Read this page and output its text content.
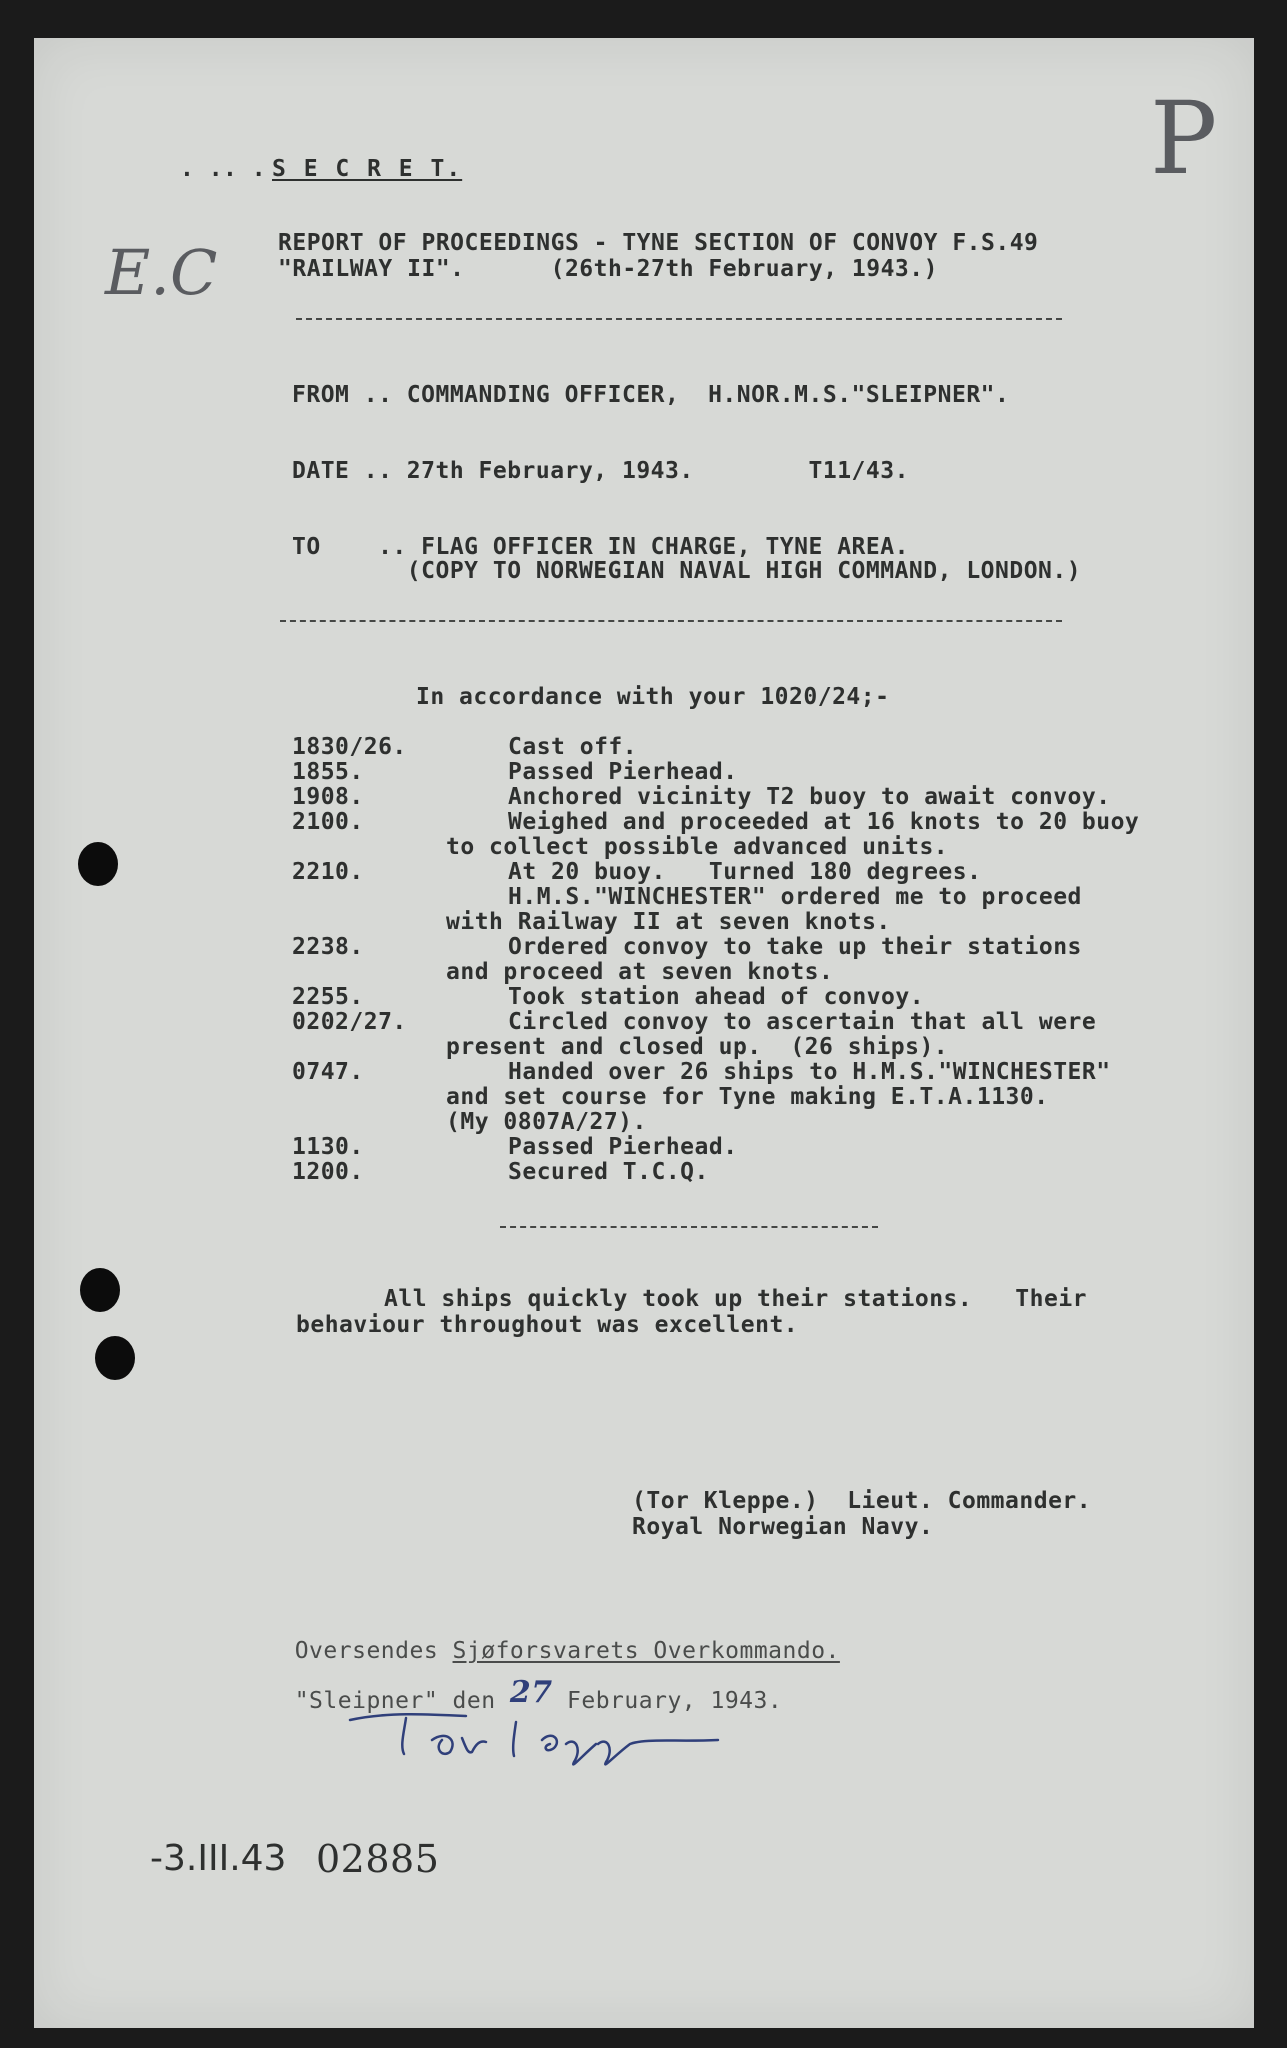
E.C
P
. .. . S E C R E T.
REPORT OF PROCEEDINGS - TYNE SECTION OF CONVOY F.S.49
"RAILWAY II".      (26th-27th February, 1943.)
FROM .. COMMANDING OFFICER,  H.NOR.M.S."SLEIPNER".
DATE .. 27th February, 1943.        T11/43.
TO    .. FLAG OFFICER IN CHARGE, TYNE AREA.
(COPY TO NORWEGIAN NAVAL HIGH COMMAND, LONDON.)
In accordance with your 1020/24;-
1830/26.	Cast off.
1855.	Passed Pierhead.
1908.	Anchored vicinity T2 buoy to await convoy.
2100.	Weighed and proceeded at 16 knots to 20 buoy
to collect possible advanced units.
2210.	At 20 buoy.   Turned 180 degrees.
H.M.S."WINCHESTER" ordered me to proceed
with Railway II at seven knots.
2238.	Ordered convoy to take up their stations
and proceed at seven knots.
2255.	Took station ahead of convoy.
0202/27.	Circled convoy to ascertain that all were
present and closed up.  (26 ships).
0747.	Handed over 26 ships to H.M.S."WINCHESTER"
and set course for Tyne making E.T.A.1130.
(My 0807A/27).
1130.	Passed Pierhead.
1200.	Secured T.C.Q.
All ships quickly took up their stations.   Their
behaviour throughout was excellent.
(Tor Kleppe.)  Lieut. Commander.
Royal Norwegian Navy.

Oversendes Sjøforsvarets Overkommando.

"Sleipner" den 27 February, 1943.

-3.III.43 02885
